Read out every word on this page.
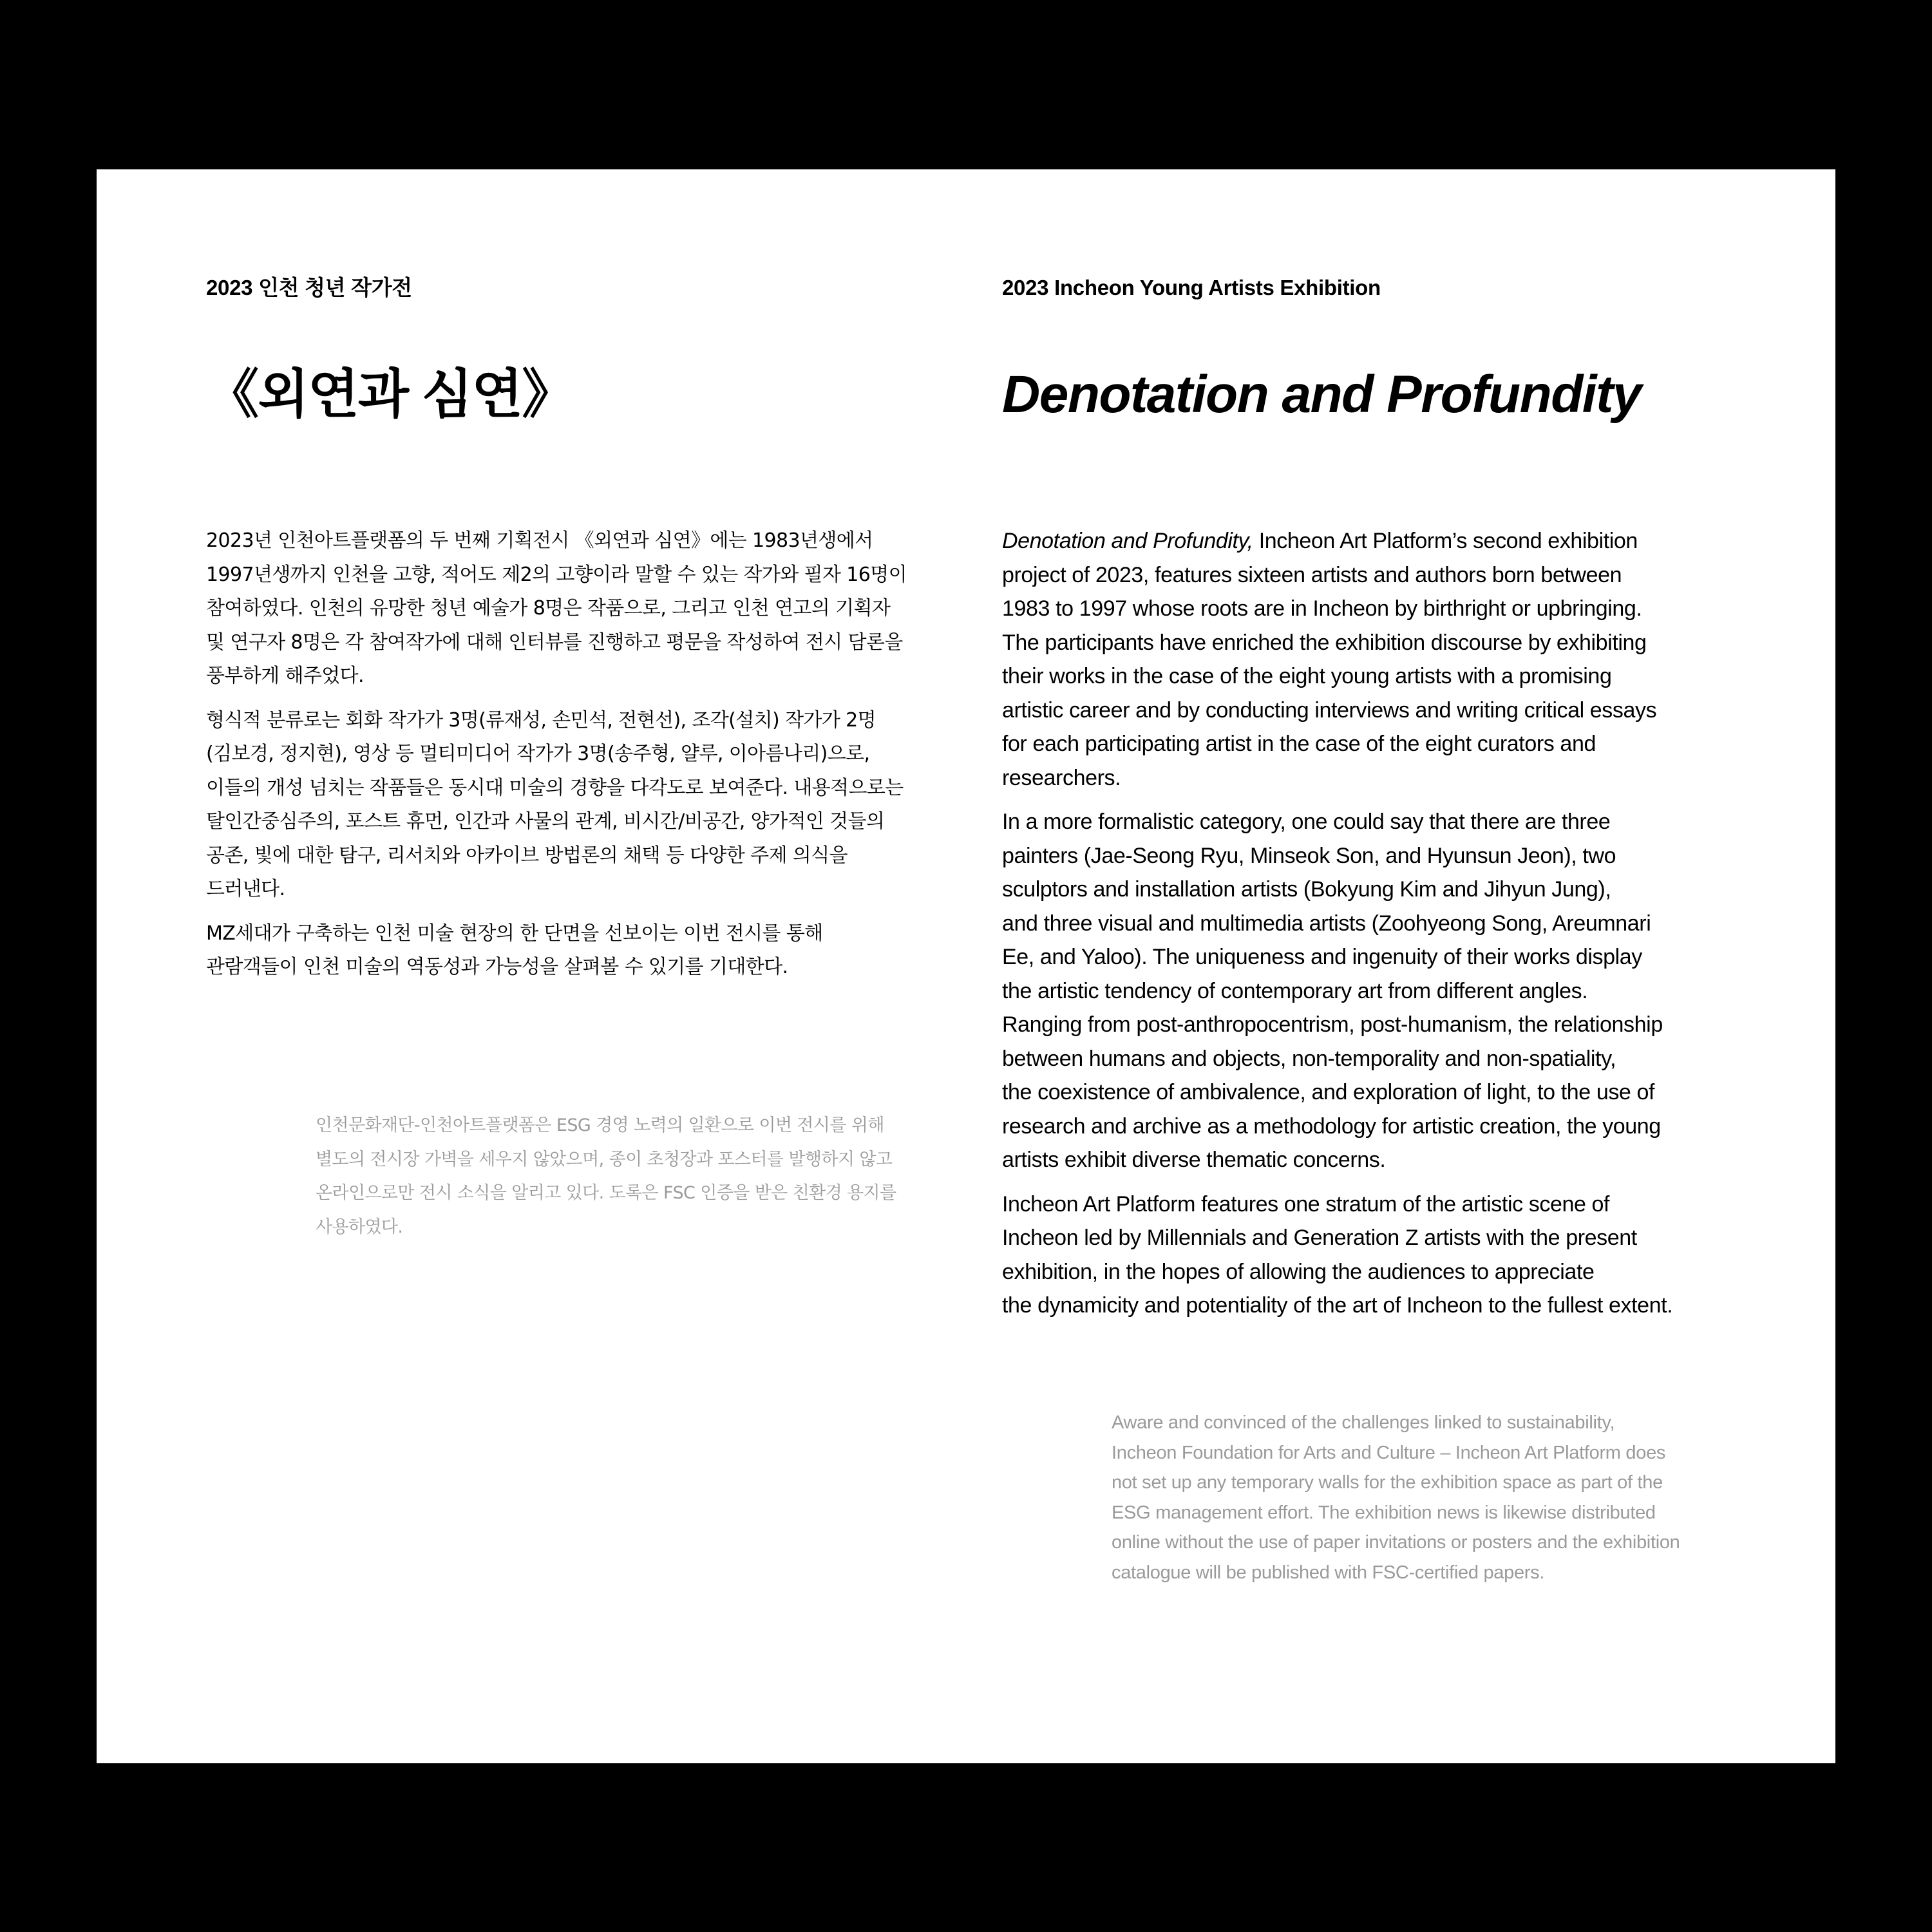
2023 인천 청년 작가전

《외연과 심연》

2023년 인천아트플랫폼의 두 번째 기획전시 《외연과 심연》에는 1983년생에서
1997년생까지 인천을 고향, 적어도 제2의 고향이라 말할 수 있는 작가와 필자 16명이
참여하였다. 인천의 유망한 청년 예술가 8명은 작품으로, 그리고 인천 연고의 기획자
및 연구자 8명은 각 참여작가에 대해 인터뷰를 진행하고 평문을 작성하여 전시 담론을
풍부하게 해주었다.

형식적 분류로는 회화 작가가 3명(류재성, 손민석, 전현선), 조각(설치) 작가가 2명
(김보경, 정지현), 영상 등 멀티미디어 작가가 3명(송주형, 얄루, 이아름나리)으로,
이들의 개성 넘치는 작품들은 동시대 미술의 경향을 다각도로 보여준다. 내용적으로는
탈인간중심주의, 포스트 휴먼, 인간과 사물의 관계, 비시간/비공간, 양가적인 것들의
공존, 빛에 대한 탐구, 리서치와 아카이브 방법론의 채택 등 다양한 주제 의식을
드러낸다.

MZ세대가 구축하는 인천 미술 현장의 한 단면을 선보이는 이번 전시를 통해
관람객들이 인천 미술의 역동성과 가능성을 살펴볼 수 있기를 기대한다.

인천문화재단-인천아트플랫폼은 ESG 경영 노력의 일환으로 이번 전시를 위해
별도의 전시장 가벽을 세우지 않았으며, 종이 초청장과 포스터를 발행하지 않고
온라인으로만 전시 소식을 알리고 있다. 도록은 FSC 인증을 받은 친환경 용지를
사용하였다.

2023 Incheon Young Artists Exhibition

Denotation and Profundity

Denotation and Profundity, Incheon Art Platform’s second exhibition
project of 2023, features sixteen artists and authors born between
1983 to 1997 whose roots are in Incheon by birthright or upbringing.
The participants have enriched the exhibition discourse by exhibiting
their works in the case of the eight young artists with a promising
artistic career and by conducting interviews and writing critical essays
for each participating artist in the case of the eight curators and
researchers.

In a more formalistic category, one could say that there are three
painters (Jae-Seong Ryu, Minseok Son, and Hyunsun Jeon), two
sculptors and installation artists (Bokyung Kim and Jihyun Jung),
and three visual and multimedia artists (Zoohyeong Song, Areumnari
Ee, and Yaloo). The uniqueness and ingenuity of their works display
the artistic tendency of contemporary art from different angles.
Ranging from post-anthropocentrism, post-humanism, the relationship
between humans and objects, non-temporality and non-spatiality,
the coexistence of ambivalence, and exploration of light, to the use of
research and archive as a methodology for artistic creation, the young
artists exhibit diverse thematic concerns.

Incheon Art Platform features one stratum of the artistic scene of
Incheon led by Millennials and Generation Z artists with the present
exhibition, in the hopes of allowing the audiences to appreciate
the dynamicity and potentiality of the art of Incheon to the fullest extent.

Aware and convinced of the challenges linked to sustainability,
Incheon Foundation for Arts and Culture – Incheon Art Platform does
not set up any temporary walls for the exhibition space as part of the
ESG management effort. The exhibition news is likewise distributed
online without the use of paper invitations or posters and the exhibition
catalogue will be published with FSC-certified papers.
